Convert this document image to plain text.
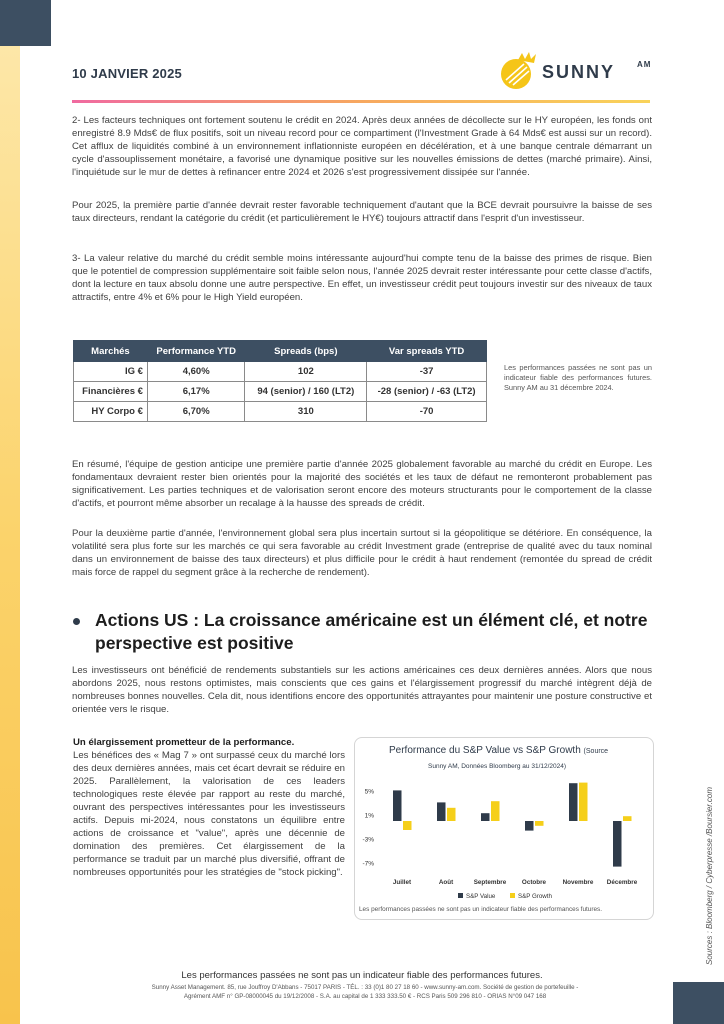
10 JANVIER 2025	SUNNY	AM

2- Les facteurs techniques ont fortement soutenu le crédit en 2024. Après deux années de décollecte sur le HY européen, les fonds ont enregistré 8.9 Mds€ de flux positifs, soit un niveau record pour ce compartiment (l'Investment Grade à 64 Mds€ est aussi sur un record). Cet afflux de liquidités combiné à un environnement inflationniste européen en décélération, et à une banque centrale démarrant un cycle d'assouplissement monétaire, a favorisé une dynamique positive sur les nouvelles émissions de dettes (marché primaire). Ainsi, l'inquiétude sur le mur de dettes à refinancer entre 2024 et 2026 s'est progressivement dissipée sur l'année.

Pour 2025, la première partie d'année devrait rester favorable techniquement d'autant que la BCE devrait poursuivre la baisse de ses taux directeurs, rendant la catégorie du crédit (et particulièrement le HY€) toujours attractif dans l'esprit d'un investisseur.

3- La valeur relative du marché du crédit semble moins intéressante aujourd'hui compte tenu de la baisse des primes de risque. Bien que le potentiel de compression supplémentaire soit faible selon nous, l'année 2025 devrait rester intéressante pour cette classe d'actifs, dont la lecture en taux absolu donne une autre perspective. En effet, un investisseur crédit peut toujours investir sur des niveaux de taux attractifs, entre 4% et 6% pour le High Yield européen.

Marchés	Performance YTD	Spreads (bps)	Var spreads YTD
IG €	4,60%	102	-37
Financières €	6,17%	94 (senior) / 160 (LT2)	-28 (senior) / -63 (LT2)
HY Corpo €	6,70%	310	-70
Les performances passées ne sont pas un indicateur fiable des performances futures. Sunny AM au 31 décembre 2024.

En résumé, l'équipe de gestion anticipe une première partie d'année 2025 globalement favorable au marché du crédit en Europe. Les fondamentaux devraient rester bien orientés pour la majorité des sociétés et les taux de défaut ne remonteront probablement pas significativement. Les parties techniques et de valorisation seront encore des moteurs structurants pour le comportement de la classe d'actifs, et pourront même absorber un recalage à la hausse des spreads de crédit.

Pour la deuxième partie d'année, l'environnement global sera plus incertain surtout si la géopolitique se détériore. En conséquence, la volatilité sera plus forte sur les marchés ce qui sera favorable au crédit Investment grade (entreprise de qualité avec du taux nominal dans un environnement de baisse des taux directeurs) et plus difficile pour le crédit à haut rendement (remontée du spread de crédit mais force de rappel du segment grâce à la recherche de rendement).

Actions US : La croissance américaine est un élément clé, et notre perspective est positive

Les investisseurs ont bénéficié de rendements substantiels sur les actions américaines ces deux dernières années. Alors que nous abordons 2025, nous restons optimistes, mais conscients que ces gains et l'élargissement progressif du marché intègrent déjà de nombreuses bonnes nouvelles. Cela dit, nous identifions encore des opportunités attrayantes pour maintenir une posture constructive et orientée vers le risque.

Un élargissement prometteur de la performance.
Les bénéfices des « Mag 7 » ont surpassé ceux du marché lors des deux dernières années, mais cet écart devrait se réduire en 2025. Parallèlement, la valorisation de ces leaders technologiques reste élevée par rapport au reste du marché, ouvrant des perspectives intéressantes pour les investisseurs actifs. Depuis mi-2024, nous constatons un équilibre entre actions de croissance et "value", après une décennie de domination des premières. Cet élargissement de la performance se traduit par un marché plus diversifié, offrant de nombreuses opportunités pour les stratégies de "stock picking".

Performance du S&P Value vs S&P Growth (Source
Sunny AM, Données Bloomberg au 31/12/2024)
5%
1%
-3%
-7%
Juillet	Août	Septembre Octobre	Novembre Décembre
S&P Value	S&P Growth
Les performances passées ne sont pas un indicateur fiable des performances futures.	Sources : Bloomberg / Cyberpresse /Boursier.com
Les performances passées ne sont pas un indicateur fiable des performances futures.
Sunny Asset Management. 85, rue Jouffroy D'Abbans - 75017 PARIS - TÉL. : 33 (0)1 80 27 18 60 - www.sunny-am.com. Société de gestion de portefeuille -
Agrément AMF n° GP-08000045 du 19/12/2008 - S.A. au capital de 1 333 333.50 € - RCS Paris 509 296 810 - ORIAS N°09 047 168
